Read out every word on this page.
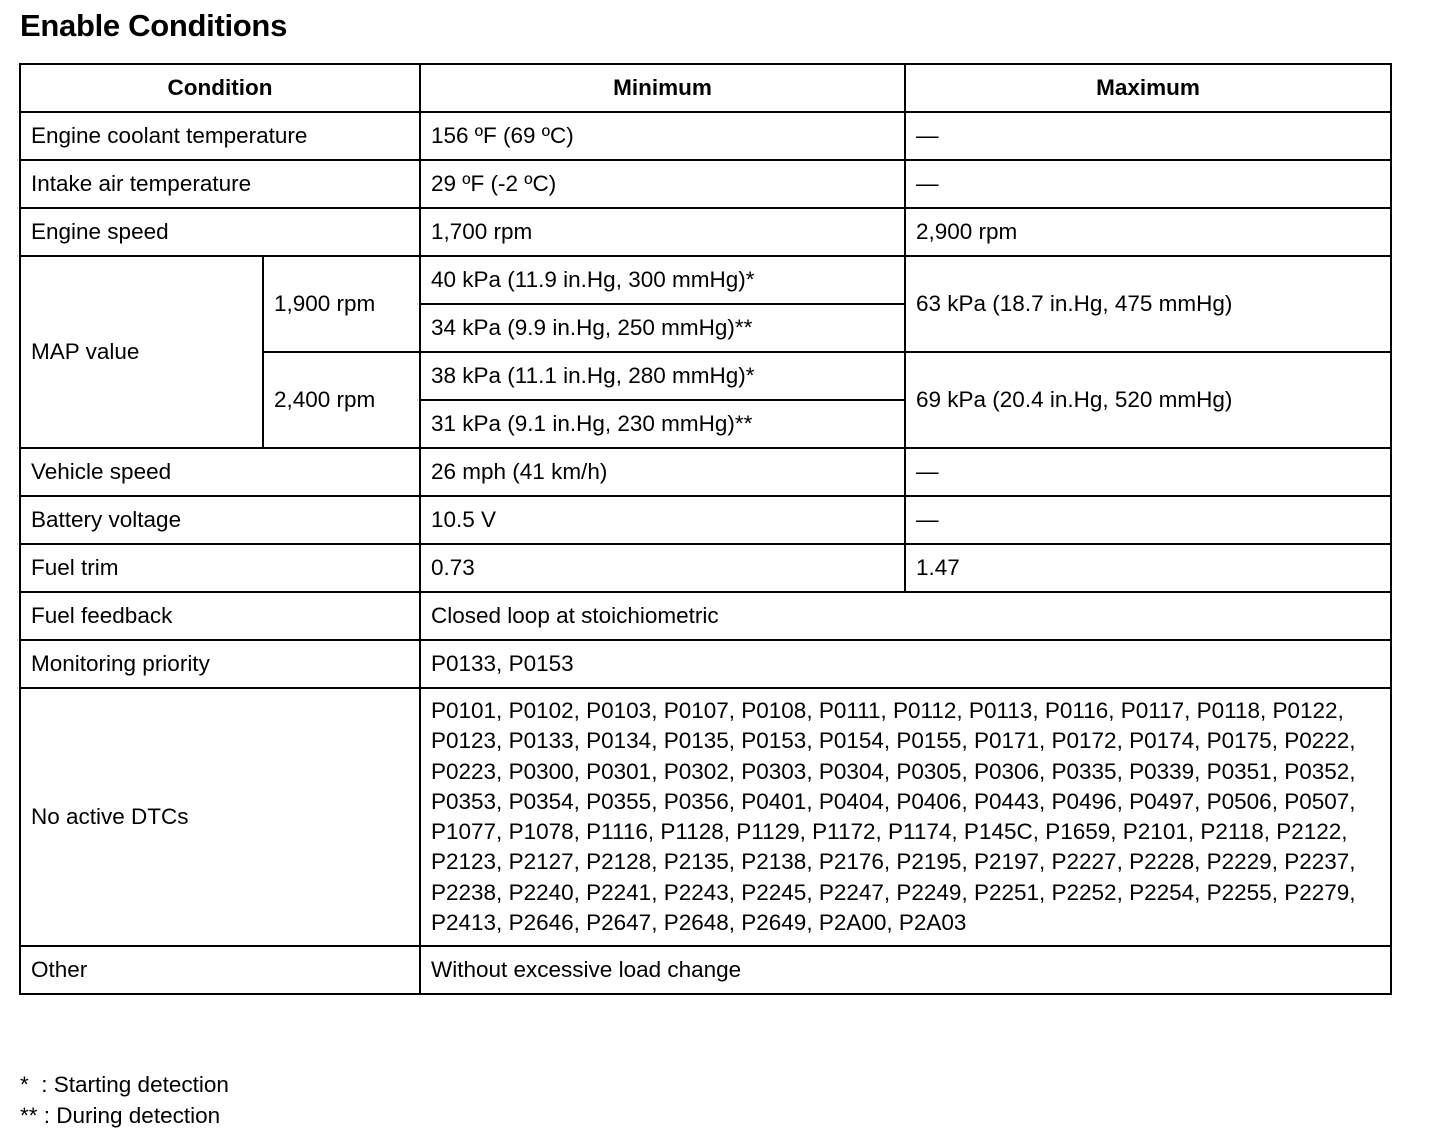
Enable Conditions
Condition		Minimum	Maximum
Engine coolant temperature		156 ºF (69 ºC)	—
Intake air temperature		29 ºF (-2 ºC)	—
Engine speed		1,700 rpm	2,900 rpm
MAP value	1,900 rpm	40 kPa (11.9 in.Hg, 300 mmHg)*	63 kPa (18.7 in.Hg, 475 mmHg)
		34 kPa (9.9 in.Hg, 250 mmHg)**	
	2,400 rpm	38 kPa (11.1 in.Hg, 280 mmHg)*	69 kPa (20.4 in.Hg, 520 mmHg)
		31 kPa (9.1 in.Hg, 230 mmHg)**	
Vehicle speed		26 mph (41 km/h)	—
Battery voltage		10.5 V	—
Fuel trim		0.73	1.47
Fuel feedback		Closed loop at stoichiometric	
Monitoring priority		P0133, P0153	
No active DTCs		P0101, P0102, P0103, P0107, P0108, P0111, P0112, P0113, P0116, P0117, P0118, P0122, P0123, P0133, P0134, P0135, P0153, P0154, P0155, P0171, P0172, P0174, P0175, P0222, P0223, P0300, P0301, P0302, P0303, P0304, P0305, P0306, P0335, P0339, P0351, P0352, P0353, P0354, P0355, P0356, P0401, P0404, P0406, P0443, P0496, P0497, P0506, P0507, P1077, P1078, P1116, P1128, P1129, P1172, P1174, P145C, P1659, P2101, P2118, P2122, P2123, P2127, P2128, P2135, P2138, P2176, P2195, P2197, P2227, P2228, P2229, P2237, P2238, P2240, P2241, P2243, P2245, P2247, P2249, P2251, P2252, P2254, P2255, P2279, P2413, P2646, P2647, P2648, P2649, P2A00, P2A03	
Other		Without excessive load change	
*  : Starting detection
** : During detection
